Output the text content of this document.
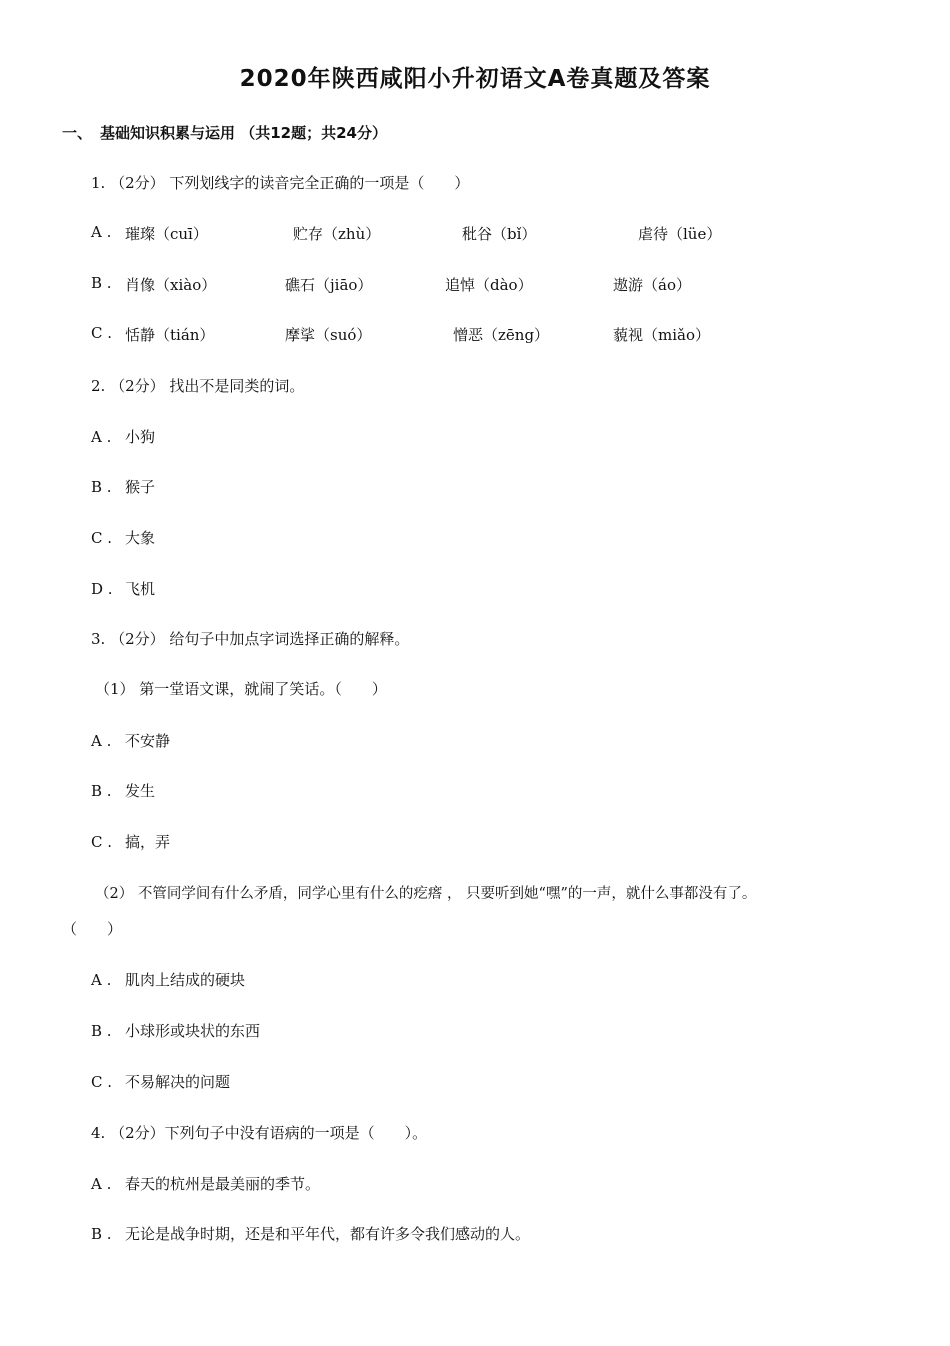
2020年陕西咸阳小升初语文A卷真题及答案
一、 基础知识积累与运用 （共12题；共24分）
1. （2分） 下列划线字的读音完全正确的一项是（　　）
A . 璀璨（cuī）	贮存（zhù）	秕谷（bǐ）	虐待（lüe）
B . 肖像（xiào）	礁石（jiāo）	追悼（dào）	遨游（áo）
C . 恬静（tián）	摩挲（suó）	憎恶（zēng）	藐视（miǎo）
2. （2分） 找出不是同类的词。
A . 小狗
B . 猴子
C . 大象
D . 飞机
3. （2分） 给句子中加点字词选择正确的解释。
（1） 第一堂语文课，就闹了笑话。（　　）
A . 不安静
B . 发生
C . 搞，弄
（2） 不管同学间有什么矛盾，同学心里有什么的疙瘩 ， 只要听到她“嘿”的一声，就什么事都没有了。
（　　）
A . 肌肉上结成的硬块
B . 小球形或块状的东西
C . 不易解决的问题
4. （2分）下列句子中没有语病的一项是（　　）。
A . 春天的杭州是最美丽的季节。
B . 无论是战争时期，还是和平年代，都有许多令我们感动的人。
